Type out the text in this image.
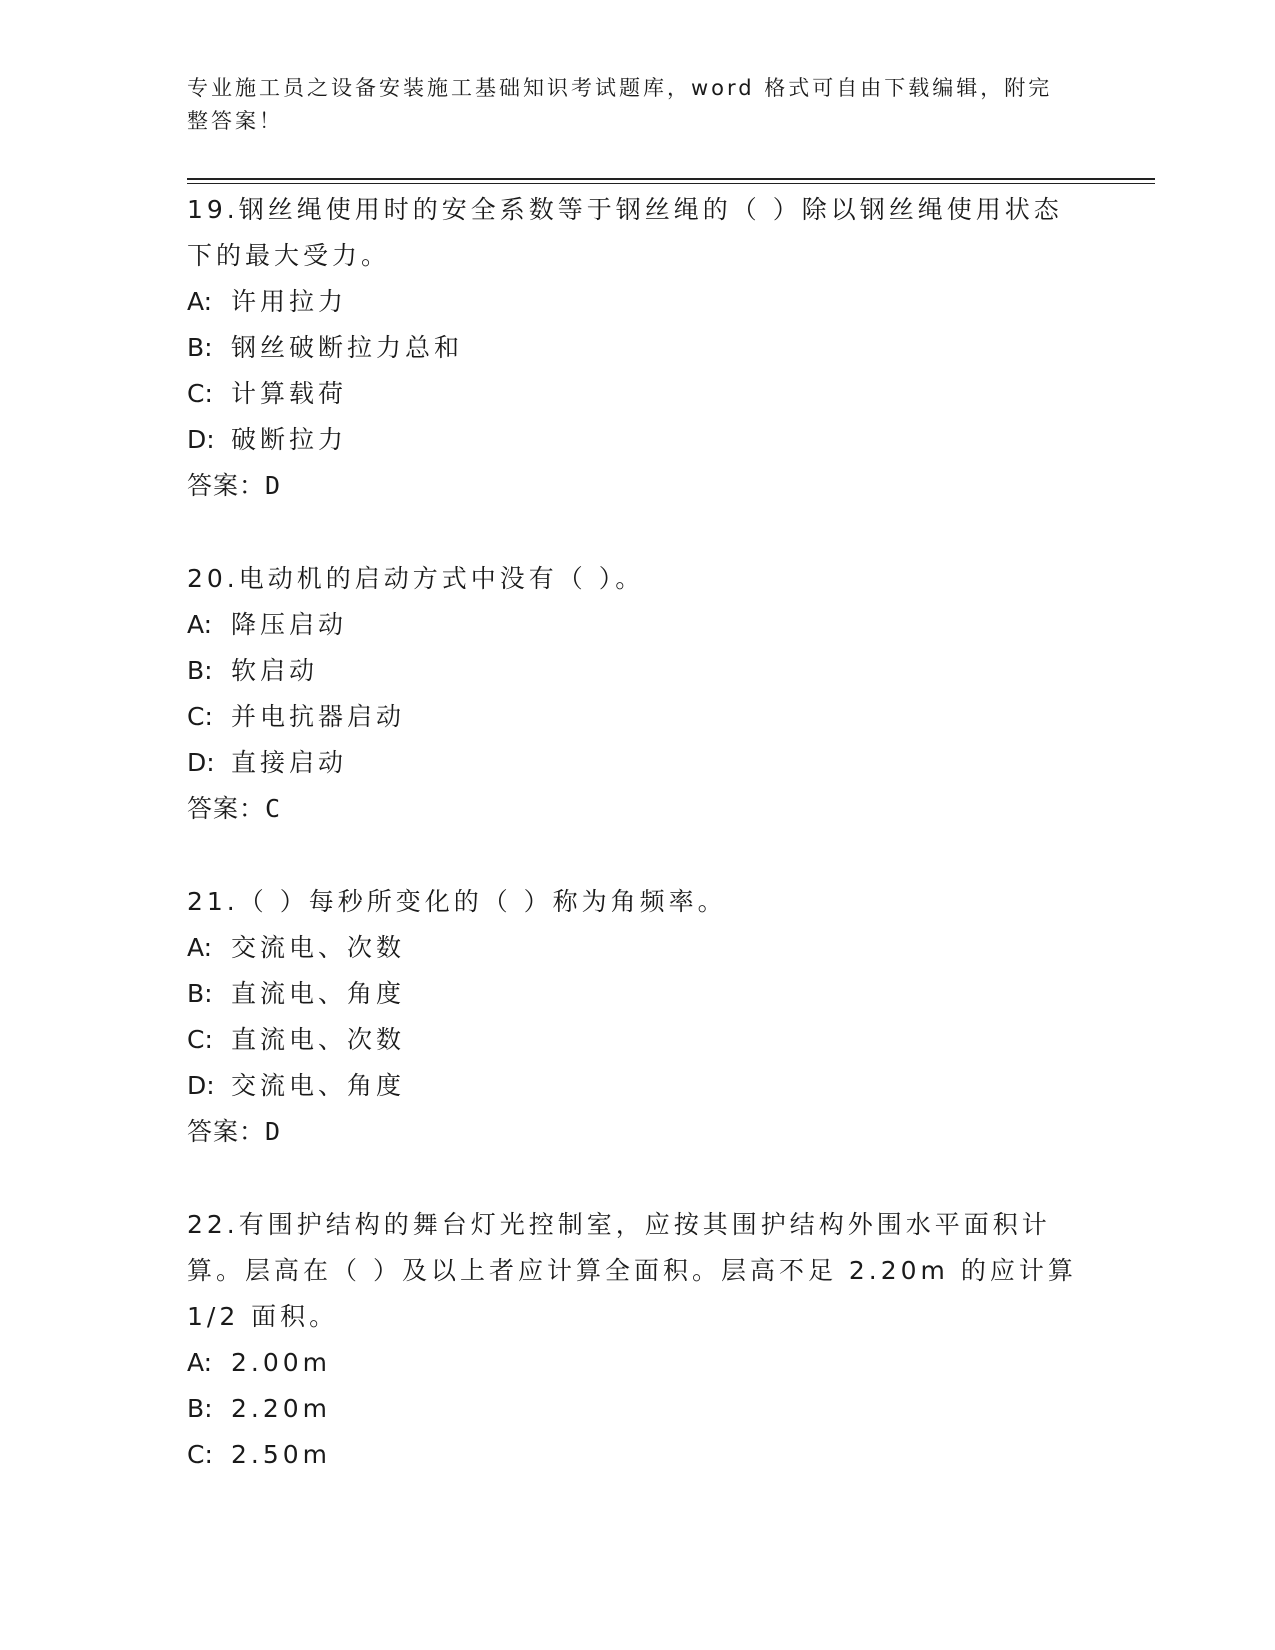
专业施工员之设备安装施工基础知识考试题库，word 格式可自由下载编辑，附完整答案！

19.钢丝绳使用时的安全系数等于钢丝绳的（ ）除以钢丝绳使用状态下的最大受力。

A: 许用拉力

B: 钢丝破断拉力总和

C: 计算载荷

D: 破断拉力

答案：D

20.电动机的启动方式中没有（ ）。

A: 降压启动

B: 软启动

C: 并电抗器启动

D: 直接启动

答案：C

21.（ ）每秒所变化的（ ）称为角频率。

A: 交流电、次数

B: 直流电、角度

C: 直流电、次数

D: 交流电、角度

答案：D

22.有围护结构的舞台灯光控制室，应按其围护结构外围水平面积计算。层高在（ ）及以上者应计算全面积。层高不足 2.20m 的应计算 1/2 面积。

A: 2.00m

B: 2.20m

C: 2.50m
